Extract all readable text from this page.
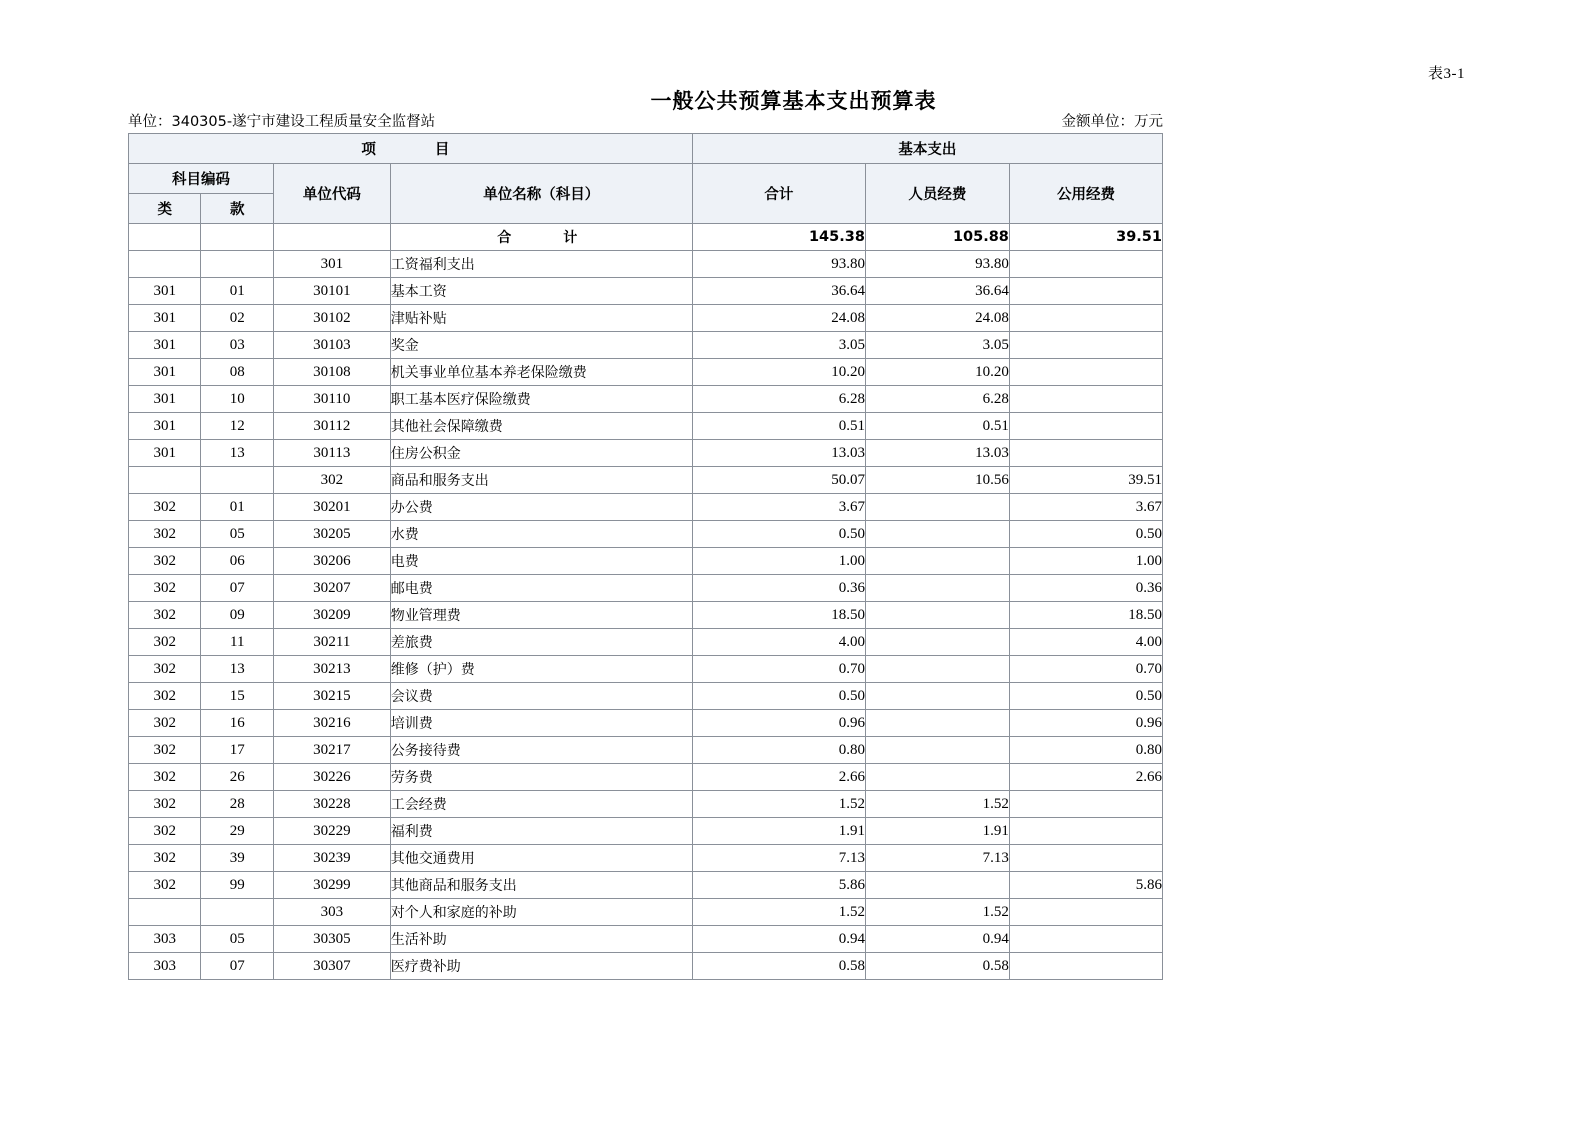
表3-1
一般公共预算基本支出预算表
单位：340305-遂宁市建设工程质量安全监督站	金额单位：万元
项　　目				基本支出		
科目编码		单位代码	单位名称（科目）	合计	人员经费	公用经费
类	款					
			合　　计	145.38	105.88	39.51
		301	工资福利支出	93.80	93.80	
301	01	30101	基本工资	36.64	36.64	
301	02	30102	津贴补贴	24.08	24.08	
301	03	30103	奖金	3.05	3.05	
301	08	30108	机关事业单位基本养老保险缴费	10.20	10.20	
301	10	30110	职工基本医疗保险缴费	6.28	6.28	
301	12	30112	其他社会保障缴费	0.51	0.51	
301	13	30113	住房公积金	13.03	13.03	
		302	商品和服务支出	50.07	10.56	39.51
302	01	30201	办公费	3.67		3.67
302	05	30205	水费	0.50		0.50
302	06	30206	电费	1.00		1.00
302	07	30207	邮电费	0.36		0.36
302	09	30209	物业管理费	18.50		18.50
302	11	30211	差旅费	4.00		4.00
302	13	30213	维修（护）费	0.70		0.70
302	15	30215	会议费	0.50		0.50
302	16	30216	培训费	0.96		0.96
302	17	30217	公务接待费	0.80		0.80
302	26	30226	劳务费	2.66		2.66
302	28	30228	工会经费	1.52	1.52	
302	29	30229	福利费	1.91	1.91	
302	39	30239	其他交通费用	7.13	7.13	
302	99	30299	其他商品和服务支出	5.86		5.86
		303	对个人和家庭的补助	1.52	1.52	
303	05	30305	生活补助	0.94	0.94	
303	07	30307	医疗费补助	0.58	0.58	
